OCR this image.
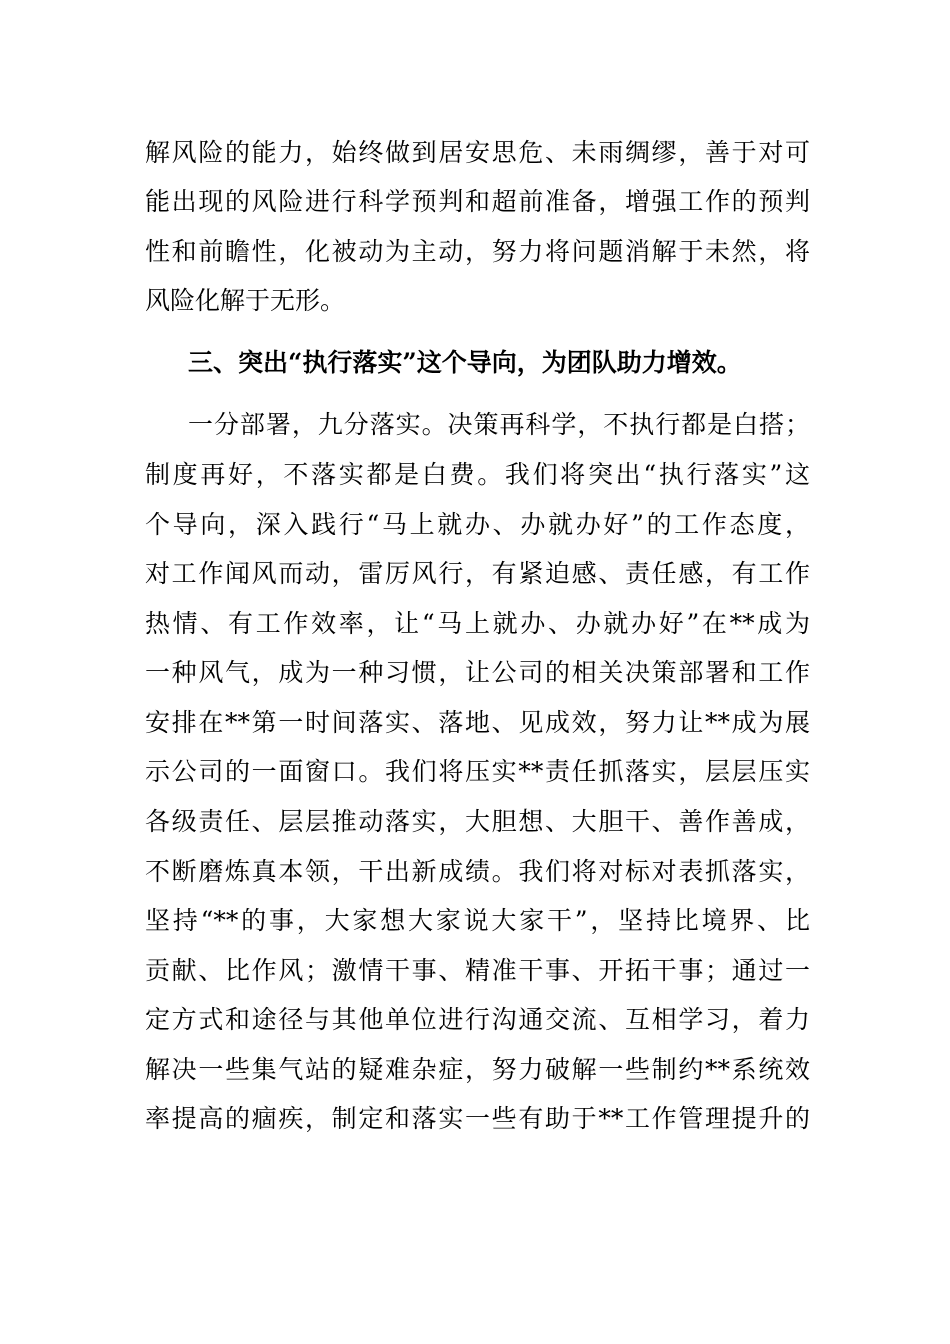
解风险的能力，始终做到居安思危、未雨绸缪，善于对可
能出现的风险进行科学预判和超前准备，增强工作的预判
性和前瞻性，化被动为主动，努力将问题消解于未然，将
风险化解于无形。
三、突出“执行落实”这个导向，为团队助力增效。
一分部署，九分落实。决策再科学，不执行都是白搭；
制度再好，不落实都是白费。我们将突出“执行落实”这
个导向，深入践行“马上就办、办就办好”的工作态度，
对工作闻风而动，雷厉风行，有紧迫感、责任感，有工作
热情、有工作效率，让“马上就办、办就办好”在**成为
一种风气，成为一种习惯，让公司的相关决策部署和工作
安排在**第一时间落实、落地、见成效，努力让**成为展
示公司的一面窗口。我们将压实**责任抓落实，层层压实
各级责任、层层推动落实，大胆想、大胆干、善作善成，
不断磨炼真本领，干出新成绩。我们将对标对表抓落实，
坚持“**的事，大家想大家说大家干”，坚持比境界、比
贡献、比作风；激情干事、精准干事、开拓干事；通过一
定方式和途径与其他单位进行沟通交流、互相学习，着力
解决一些集气站的疑难杂症，努力破解一些制约**系统效
率提高的痼疾，制定和落实一些有助于**工作管理提升的
